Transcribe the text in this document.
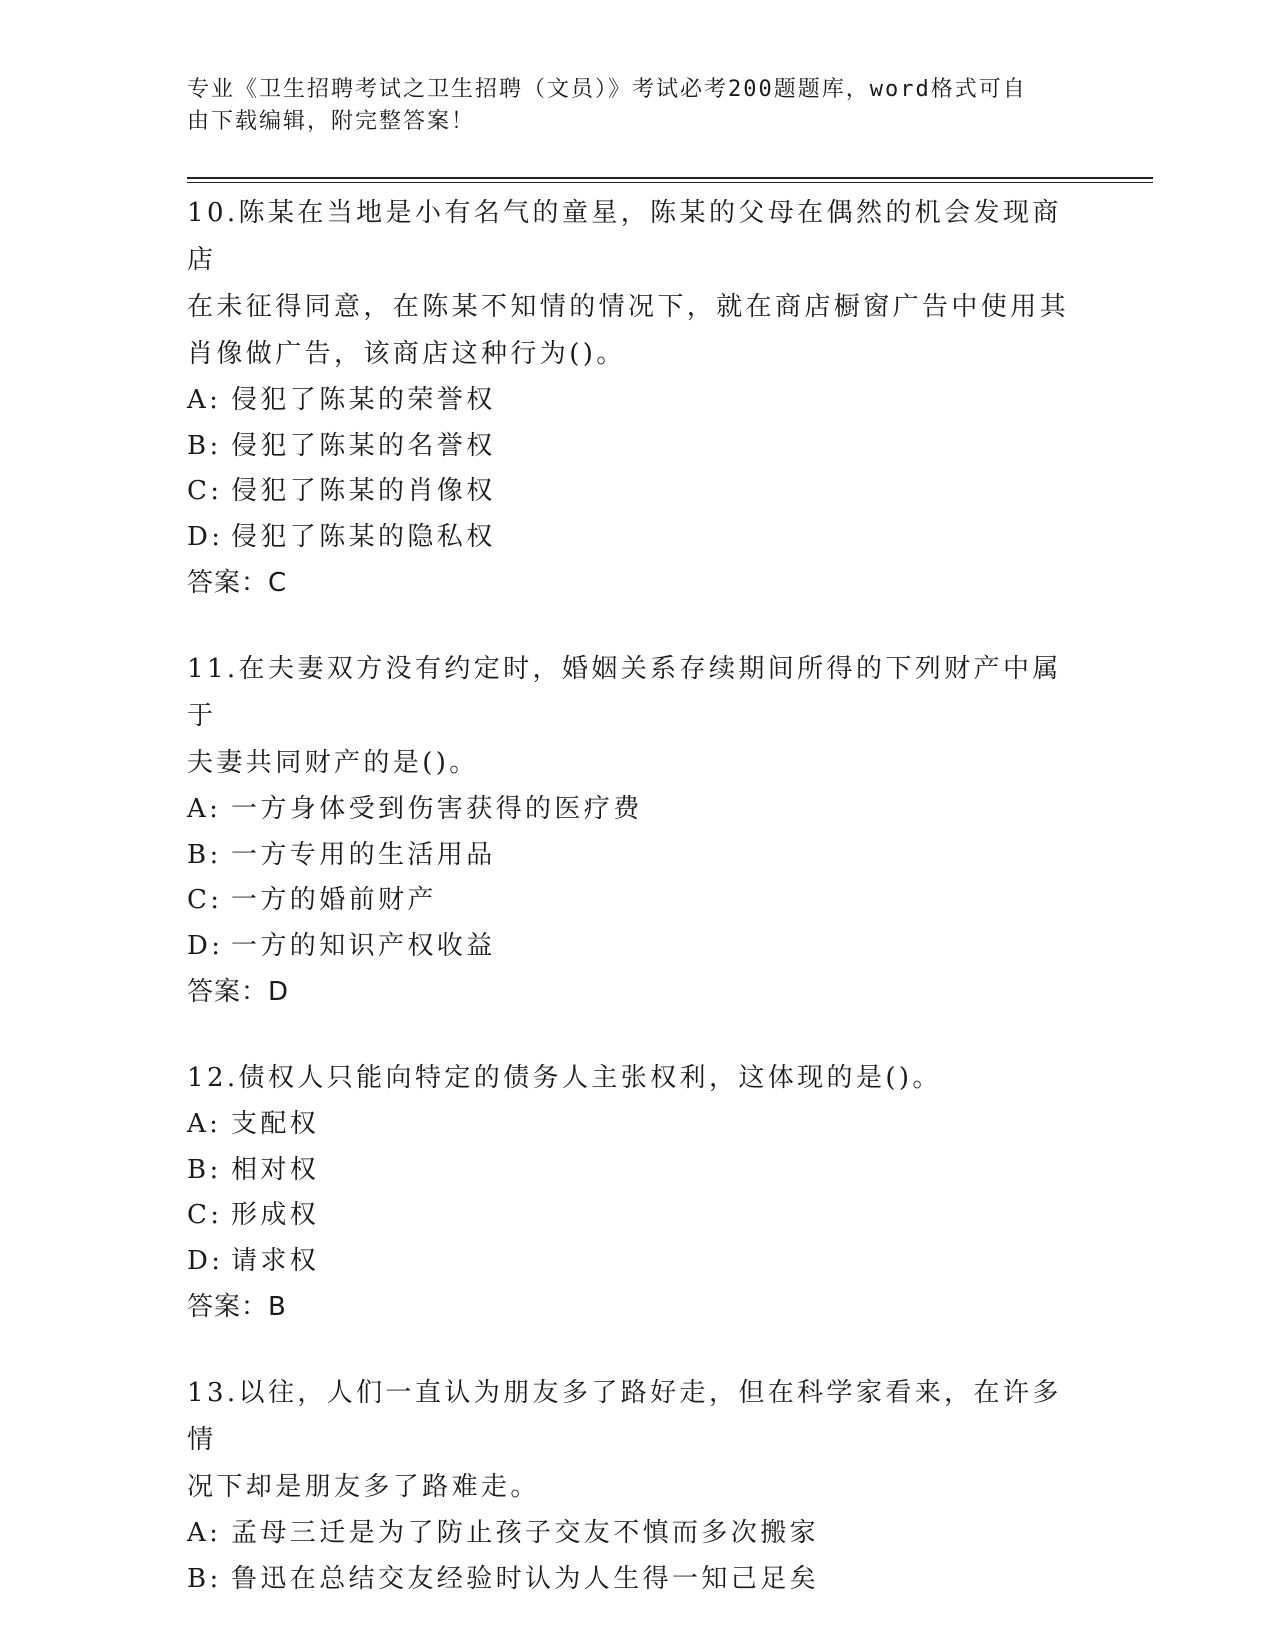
专业《卫生招聘考试之卫生招聘（文员）》考试必考200题题库，word格式可自
由下载编辑，附完整答案！

10.陈某在当地是小有名气的童星，陈某的父母在偶然的机会发现商店
在未征得同意，在陈某不知情的情况下，就在商店橱窗广告中使用其
肖像做广告，该商店这种行为()。

A: 侵犯了陈某的荣誉权
B: 侵犯了陈某的名誉权
C: 侵犯了陈某的肖像权
D: 侵犯了陈某的隐私权

答案：C

11.在夫妻双方没有约定时，婚姻关系存续期间所得的下列财产中属于
夫妻共同财产的是()。

A: 一方身体受到伤害获得的医疗费
B: 一方专用的生活用品
C: 一方的婚前财产
D: 一方的知识产权收益

答案：D

12.债权人只能向特定的债务人主张权利，这体现的是()。

A: 支配权
B: 相对权
C: 形成权
D: 请求权

答案：B

13.以往，人们一直认为朋友多了路好走，但在科学家看来，在许多情
况下却是朋友多了路难走。

A: 孟母三迁是为了防止孩子交友不慎而多次搬家
B: 鲁迅在总结交友经验时认为人生得一知己足矣
